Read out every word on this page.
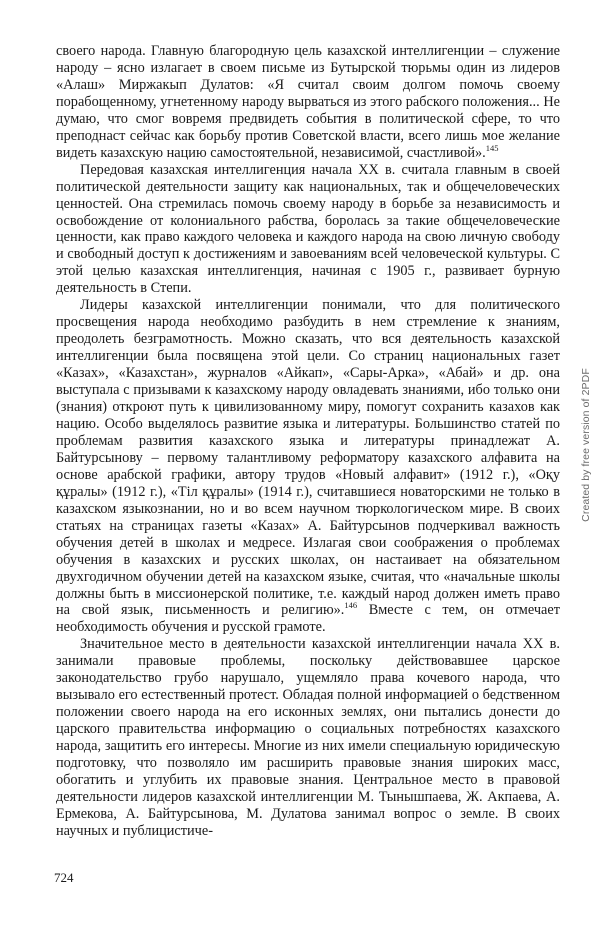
своего народа. Главную благородную цель казахской интеллигенции – служение народу – ясно излагает в своем письме из Бутырской тюрьмы один из лидеров «Алаш» Миржакып Дулатов: «Я считал своим долгом помочь своему порабощенному, угнетенному народу вырваться из этого рабского положения... Не думаю, что смог вовремя предвидеть события в политической сфере, то что преподнаст сейчас как борьбу против Советской власти, всего лишь мое желание видеть казахскую нацию самостоятельной, независимой, счастливой».$^{145}$

Передовая казахская интеллигенция начала XX в. считала главным в своей политической деятельности защиту как национальных, так и общечеловеческих ценностей. Она стремилась помочь своему народу в борьбе за независимость и освобождение от колониального рабства, боролась за такие общечеловеческие ценности, как право каждого человека и каждого народа на свою личную свободу и свободный доступ к достижениям и завоеваниям всей человеческой культуры. С этой целью казахская интеллигенция, начиная с 1905 г., развивает бурную деятельность в Степи.

Лидеры казахской интеллигенции понимали, что для политического просвещения народа необходимо разбудить в нем стремление к знаниям, преодолеть безграмотность. Можно сказать, что вся деятельность казахской интеллигенции была посвящена этой цели. Со страниц национальных газет «Казах», «Казахстан», журналов «Айкап», «Сары-Арка», «Абай» и др. она выступала с призывами к казахскому народу овладевать знаниями, ибо только они (знания) откроют путь к цивилизованному миру, помогут сохранить казахов как нацию. Особо выделялось развитие языка и литературы. Большинство статей по проблемам развития казахского языка и литературы принадлежат А. Байтурсынову – первому талантливому реформатору казахского алфавита на основе арабской графики, автору трудов «Новый алфавит» (1912 г.), «Оқу құралы» (1912 г.), «Тіл құралы» (1914 г.), считавшиеся новаторскими не только в казахском языкознании, но и во всем научном тюркологическом мире. В своих статьях на страницах газеты «Казах» А. Байтурсынов подчеркивал важность обучения детей в школах и медресе. Излагая свои соображения о проблемах обучения в казахских и русских школах, он настаивает на обязательном двухгодичном обучении детей на казахском языке, считая, что «начальные школы должны быть в миссионерской политике, т.е. каждый народ должен иметь право на свой язык, письменность и религию».$^{146}$ Вместе с тем, он отмечает необходимость обучения и русской грамоте.

Значительное место в деятельности казахской интеллигенции начала XX в. занимали правовые проблемы, поскольку действовавшее царское законодательство грубо нарушало, ущемляло права кочевого народа, что вызывало его естественный протест. Обладая полной информацией о бедственном положении своего народа на его исконных землях, они пытались донести до царского правительства информацию о социальных потребностях казахского народа, защитить его интересы. Многие из них имели специальную юридическую подготовку, что позволяло им расширить правовые знания широких масс, обогатить и углубить их правовые знания. Центральное место в правовой деятельности лидеров казахской интеллигенции М. Тынышпаева, Ж. Акпаева, А. Ермекова, А. Байтурсынова, М. Дулатова занимал вопрос о земле. В своих научных и публицистиче-

724
Created by free version of 2PDF
